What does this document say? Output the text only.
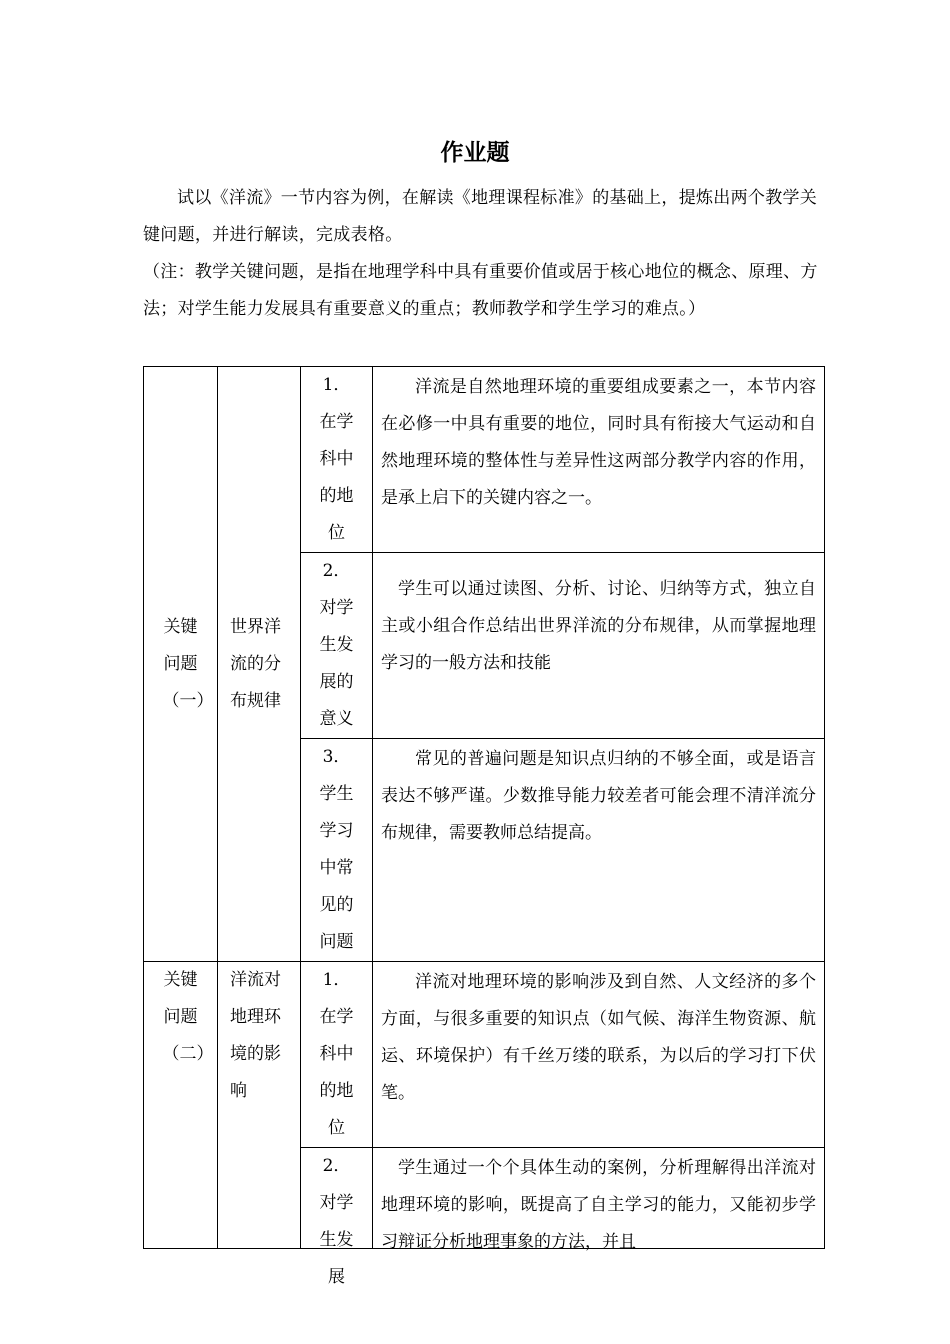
作业题

试以《洋流》一节内容为例，在解读《地理课程标准》的基础上，提炼出两个教学关键问题，并进行解读，完成表格。

（注：教学关键问题，是指在地理学科中具有重要价值或居于核心地位的概念、原理、方法；对学生能力发展具有重要意义的重点；教师教学和学生学习的难点。）

关键问题（一）	世界洋流的分布规律	1．在学科中的地位	洋流是自然地理环境的重要组成要素之一，本节内容在必修一中具有重要的地位，同时具有衔接大气运动和自然地理环境的整体性与差异性这两部分教学内容的作用，是承上启下的关键内容之一。

		2．对学生发展的意义	学生可以通过读图、分析、讨论、归纳等方式，独立自主或小组合作总结出世界洋流的分布规律，从而掌握地理学习的一般方法和技能

		3．学生学习中常见的问题	常见的普遍问题是知识点归纳的不够全面，或是语言表达不够严谨。少数推导能力较差者可能会理不清洋流分布规律，需要教师总结提高。

关键问题（二）	洋流对地理环境的影响	1．在学科中的地位	洋流对地理环境的影响涉及到自然、人文经济的多个方面，与很多重要的知识点（如气候、海洋生物资源、航运、环境保护）有千丝万缕的联系，为以后的学习打下伏笔。

		2．对学生发展	学生通过一个个具体生动的案例，分析理解得出洋流对地理环境的影响，既提高了自主学习的能力，又能初步学习辩证分析地理事象的方法，并且
